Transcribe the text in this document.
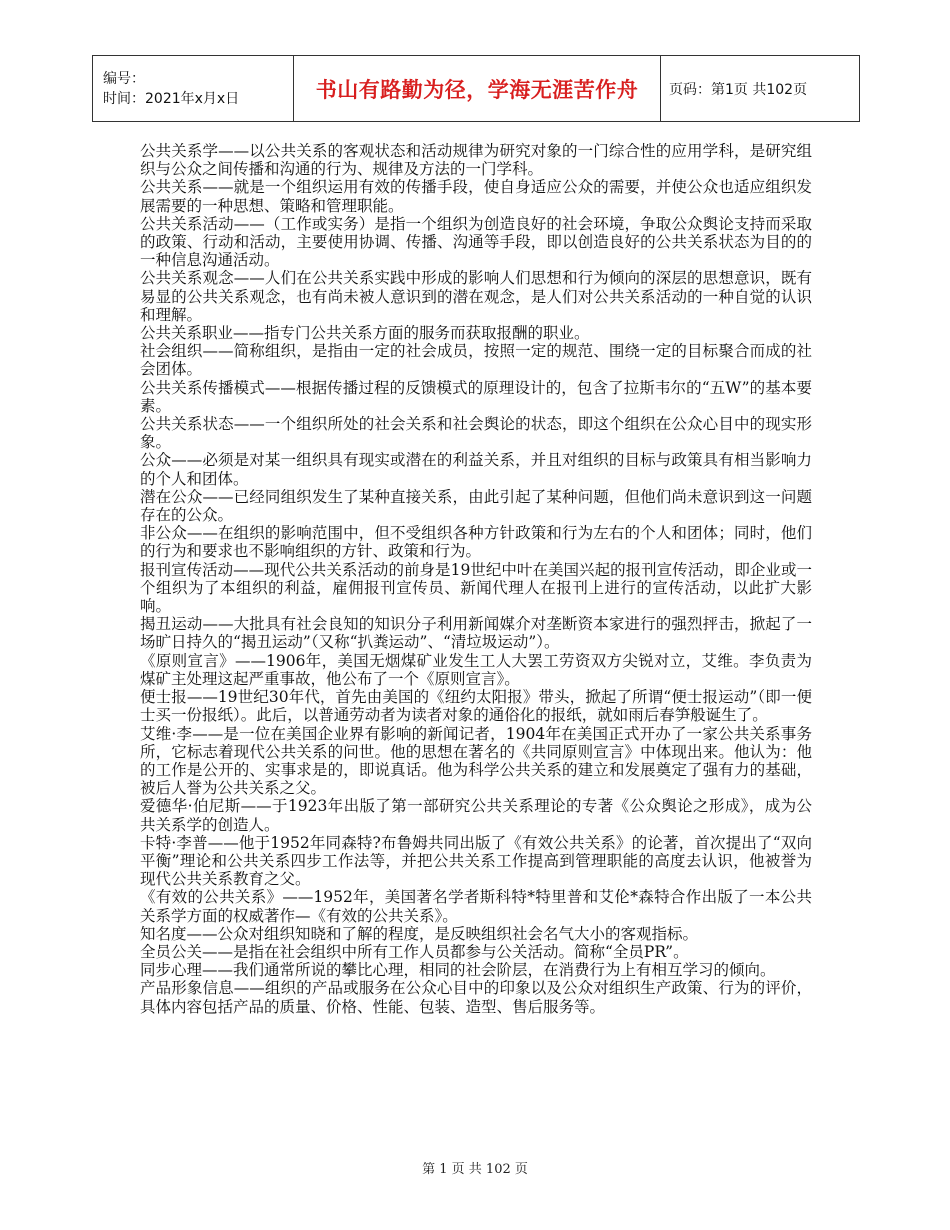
编号：
时间：2021年x月x日	书山有路勤为径，学海无涯苦作舟	页码：第1页 共102页

公共关系学——以公共关系的客观状态和活动规律为研究对象的一门综合性的应用学科，是研究组织与公众之间传播和沟通的行为、规律及方法的一门学科。

公共关系——就是一个组织运用有效的传播手段，使自身适应公众的需要，并使公众也适应组织发展需要的一种思想、策略和管理职能。

公共关系活动——（工作或实务）是指一个组织为创造良好的社会环境，争取公众舆论支持而采取的政策、行动和活动，主要使用协调、传播、沟通等手段，即以创造良好的公共关系状态为目的的一种信息沟通活动。

公共关系观念——人们在公共关系实践中形成的影响人们思想和行为倾向的深层的思想意识，既有易显的公共关系观念，也有尚未被人意识到的潜在观念，是人们对公共关系活动的一种自觉的认识和理解。

公共关系职业——指专门公共关系方面的服务而获取报酬的职业。

社会组织——简称组织，是指由一定的社会成员，按照一定的规范、围绕一定的目标聚合而成的社会团体。

公共关系传播模式——根据传播过程的反馈模式的原理设计的，包含了拉斯韦尔的“五W”的基本要素。

公共关系状态——一个组织所处的社会关系和社会舆论的状态，即这个组织在公众心目中的现实形象。

公众——必须是对某一组织具有现实或潜在的利益关系，并且对组织的目标与政策具有相当影响力的个人和团体。

潜在公众——已经同组织发生了某种直接关系，由此引起了某种问题，但他们尚未意识到这一问题存在的公众。

非公众——在组织的影响范围中，但不受组织各种方针政策和行为左右的个人和团体；同时，他们的行为和要求也不影响组织的方针、政策和行为。

报刊宣传活动——现代公共关系活动的前身是19世纪中叶在美国兴起的报刊宣传活动，即企业或一个组织为了本组织的利益，雇佣报刊宣传员、新闻代理人在报刊上进行的宣传活动，以此扩大影响。

揭丑运动——大批具有社会良知的知识分子利用新闻媒介对垄断资本家进行的强烈抨击，掀起了一场旷日持久的“揭丑运动”（又称“扒粪运动”、“清垃圾运动”）。

《原则宣言》——1906年，美国无烟煤矿业发生工人大罢工劳资双方尖锐对立，艾维。李负责为煤矿主处理这起严重事故，他公布了一个《原则宣言》。

便士报——19世纪30年代，首先由美国的《纽约太阳报》带头，掀起了所谓“便士报运动”（即一便士买一份报纸）。此后，以普通劳动者为读者对象的通俗化的报纸，就如雨后春笋般诞生了。

艾维·李——是一位在美国企业界有影响的新闻记者，1904年在美国正式开办了一家公共关系事务所，它标志着现代公共关系的问世。他的思想在著名的《共同原则宣言》中体现出来。他认为：他的工作是公开的、实事求是的，即说真话。他为科学公共关系的建立和发展奠定了强有力的基础，被后人誉为公共关系之父。

爱德华·伯尼斯——于1923年出版了第一部研究公共关系理论的专著《公众舆论之形成》，成为公共关系学的创造人。

卡特·李普——他于1952年同森特?布鲁姆共同出版了《有效公共关系》的论著，首次提出了“双向平衡”理论和公共关系四步工作法等，并把公共关系工作提高到管理职能的高度去认识，他被誉为现代公共关系教育之父。

《有效的公共关系》——1952年，美国著名学者斯科特*特里普和艾伦*森特合作出版了一本公共关系学方面的权威著作—《有效的公共关系》。

知名度——公众对组织知晓和了解的程度，是反映组织社会名气大小的客观指标。

全员公关——是指在社会组织中所有工作人员都参与公关活动。简称“全员PR”。

同步心理——我们通常所说的攀比心理，相同的社会阶层，在消费行为上有相互学习的倾向。

产品形象信息——组织的产品或服务在公众心目中的印象以及公众对组织生产政策、行为的评价，具体内容包括产品的质量、价格、性能、包装、造型、售后服务等。

第 1 页 共 102 页
